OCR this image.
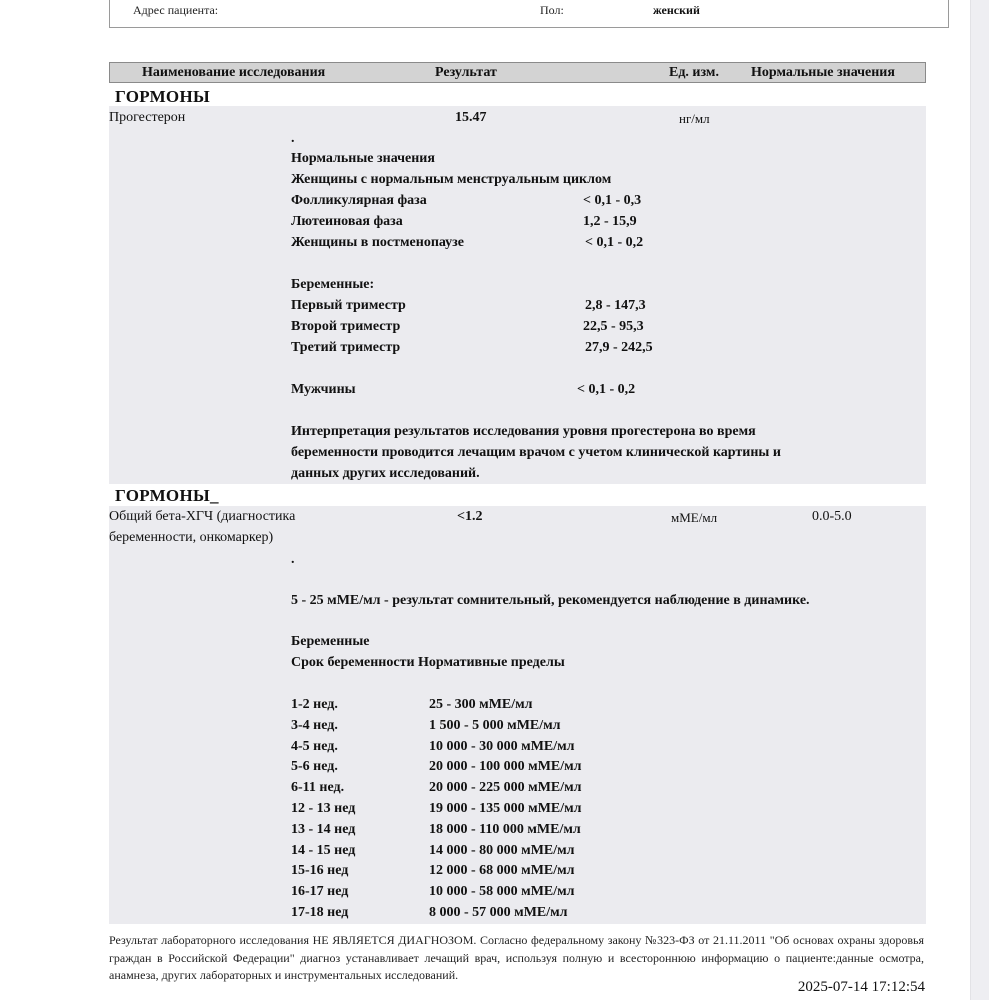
Адрес пациента:	Пол:	женский
Наименование исследования	Результат	Ед. изм. Нормальные значения
ГОРМОНЫ
Прогестерон	15.47	нг/мл
.
Нормальные значения
Женщины с нормальным менструальным циклом
Фолликулярная фаза	< 0,1 - 0,3
Лютеиновая фаза	1,2 - 15,9
Женщины в постменопаузе	< 0,1 - 0,2
Беременные:
Первый триместр	2,8 - 147,3
Второй триместр	22,5 - 95,3
Третий триместр	27,9 - 242,5
Мужчины	< 0,1 - 0,2
Интерпретация результатов исследования уровня прогестерона во время
беременности проводится лечащим врачом с учетом клинической картины и
данных других исследований.
ГОРМОНЫ_
Общий бета-ХГЧ (диагностика
беременности, онкомаркер)
<1.2	мМЕ/мл	0.0-5.0
.
5 - 25 мМЕ/мл - результат сомнительный, рекомендуется наблюдение в динамике.
Беременные
Срок беременности Нормативные пределы
1-2 нед.	25 - 300 мМЕ/мл
3-4 нед.	1 500 - 5 000 мМЕ/мл
4-5 нед.	10 000 - 30 000 мМЕ/мл
5-6 нед.	20 000 - 100 000 мМЕ/мл
6-11 нед.	20 000 - 225 000 мМЕ/мл
12 - 13 нед	19 000 - 135 000 мМЕ/мл
13 - 14 нед	18 000 - 110 000 мМЕ/мл
14 - 15 нед	14 000 - 80 000 мМЕ/мл
15-16 нед	12 000 - 68 000 мМЕ/мл
16-17 нед	10 000 - 58 000 мМЕ/мл
17-18 нед	8 000 - 57 000 мМЕ/мл
Результат лабораторного исследования НЕ ЯВЛЯЕТСЯ ДИАГНОЗОМ. Согласно федеральному закону №323-ФЗ от 21.11.2011 "Об основах охраны здоровья граждан в Российской Федерации" диагноз устанавливает лечащий врач, используя полную и всестороннюю информацию о пациенте:данные осмотра, анамнеза, других лабораторных и инструментальных исследований.
2025-07-14 17:12:54
